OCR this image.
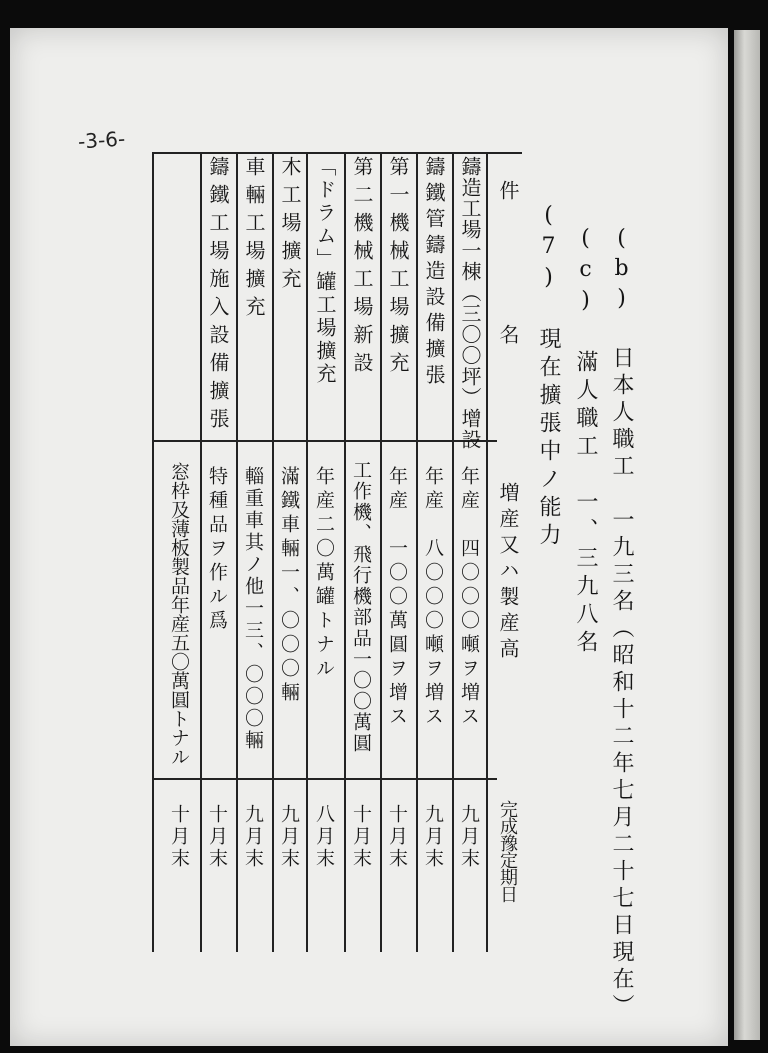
-3-6-
(b) 日本人職工　一九三名（昭和十二年七月二十七日現在）
(c) 滿人職工　一、三九八名
(7) 現在擴張中ノ能力
件　　名
増産又ハ製産高
完成豫定期日
鑄造工場一棟（三〇〇坪）增設
年産　四〇〇〇噸ヲ増ス
九月末
鑄鐵管鑄造設備擴張
年産　八〇〇〇噸ヲ増ス
九月末
第一機械工場擴充
年産　一〇〇萬圓ヲ增ス
十月末
第二機械工場新設
工作機、飛行機部品一〇〇萬圓
十月末
「ドラム」罐工場擴充
年産二〇萬罐トナル
八月末
木工場擴充
滿鐵車輛一、〇〇〇輛
九月末
車輛工場擴充
輜重車其ノ他一三、〇〇〇輛
九月末
鑄鐵工場施入設備擴張
特種品ヲ作ル爲
十月末
窓枠及薄板製品年産五〇萬圓トナル
十月末
